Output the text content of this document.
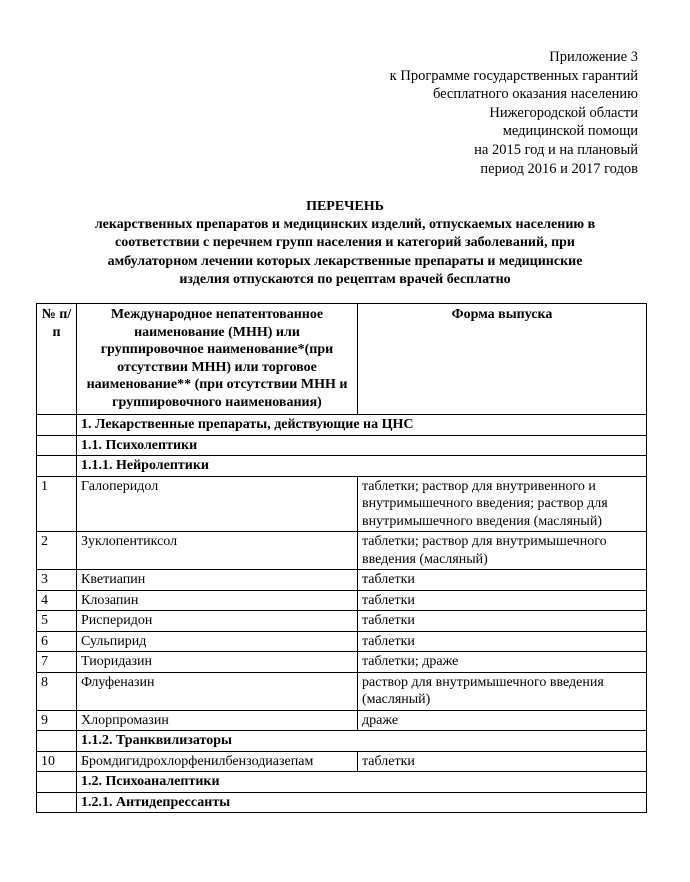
Приложение 3
к Программе государственных гарантий
бесплатного оказания населению
Нижегородской области
медицинской помощи
на 2015 год и на плановый
период 2016 и 2017 годов
ПЕРЕЧЕНЬ
лекарственных препаратов и медицинских изделий, отпускаемых населению в
соответствии с перечнем групп населения и категорий заболеваний, при
амбулаторном лечении которых лекарственные препараты и медицинские
изделия отпускаются по рецептам врачей бесплатно
№ п/п	Международное непатентованное наименование (МНН) или группировочное наименование*(при отсутствии МНН) или торговое наименование** (при отсутствии МНН и группировочного наименования)	Форма выпуска
	1. Лекарственные препараты, действующие на ЦНС	
	1.1. Психолептики	
	1.1.1. Нейролептики	
1	Галоперидол	таблетки; раствор для внутривенного и внутримышечного введения; раствор для внутримышечного введения (масляный)
2	Зуклопентиксол	таблетки; раствор для внутримышечного введения (масляный)
3	Кветиапин	таблетки
4	Клозапин	таблетки
5	Рисперидон	таблетки
6	Сульпирид	таблетки
7	Тиоридазин	таблетки; драже
8	Флуфеназин	раствор для внутримышечного введения (масляный)
9	Хлорпромазин	драже
	1.1.2. Транквилизаторы	
10	Бромдигидрохлорфенилбензодиазепам	таблетки
	1.2. Психоаналептики	
	1.2.1. Антидепрессанты	
